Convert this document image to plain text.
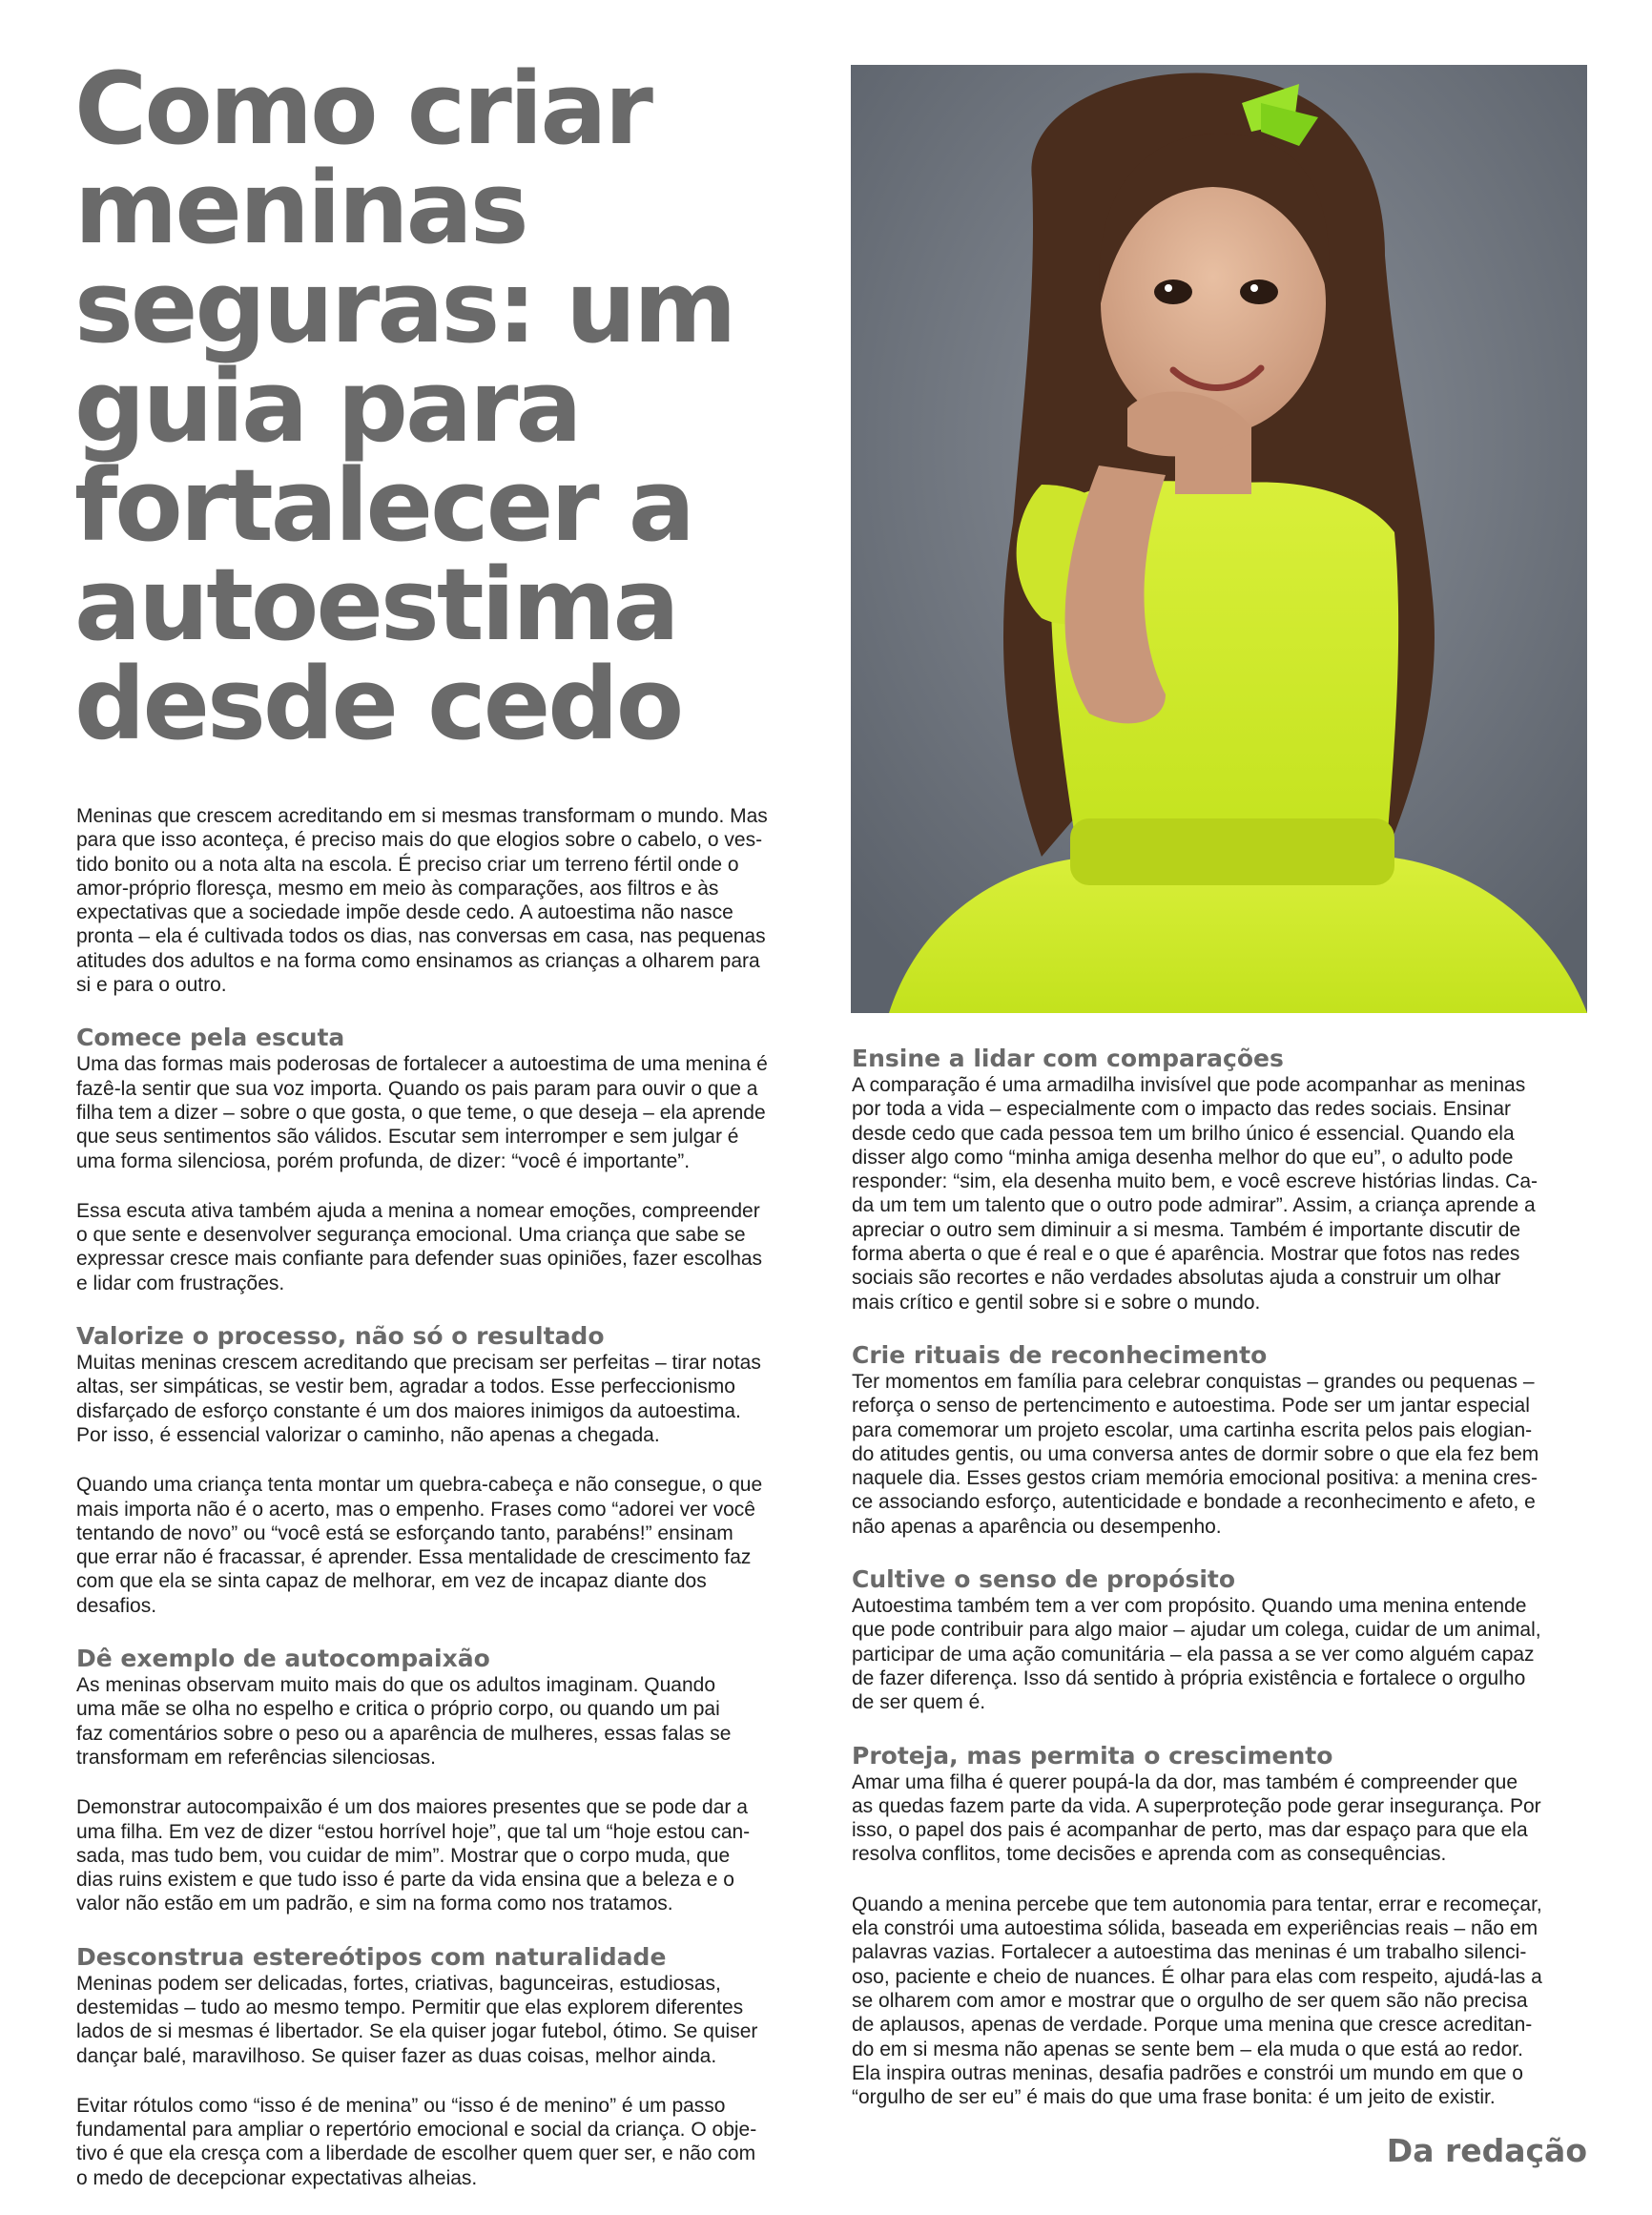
Como criar
meninas
seguras: um
guia para
fortalecer a
autoestima
desde cedo

Meninas que crescem acreditando em si mesmas transformam o mundo. Mas
para que isso aconteça, é preciso mais do que elogios sobre o cabelo, o ves-
tido bonito ou a nota alta na escola. É preciso criar um terreno fértil onde o
amor-próprio floresça, mesmo em meio às comparações, aos filtros e às
expectativas que a sociedade impõe desde cedo. A autoestima não nasce
pronta – ela é cultivada todos os dias, nas conversas em casa, nas pequenas
atitudes dos adultos e na forma como ensinamos as crianças a olharem para
si e para o outro.

Comece pela escuta

Uma das formas mais poderosas de fortalecer a autoestima de uma menina é
fazê-la sentir que sua voz importa. Quando os pais param para ouvir o que a
filha tem a dizer – sobre o que gosta, o que teme, o que deseja – ela aprende
que seus sentimentos são válidos. Escutar sem interromper e sem julgar é
uma forma silenciosa, porém profunda, de dizer: “você é importante”.

Essa escuta ativa também ajuda a menina a nomear emoções, compreender
o que sente e desenvolver segurança emocional. Uma criança que sabe se
expressar cresce mais confiante para defender suas opiniões, fazer escolhas
e lidar com frustrações.

Valorize o processo, não só o resultado

Muitas meninas crescem acreditando que precisam ser perfeitas – tirar notas
altas, ser simpáticas, se vestir bem, agradar a todos. Esse perfeccionismo
disfarçado de esforço constante é um dos maiores inimigos da autoestima.
Por isso, é essencial valorizar o caminho, não apenas a chegada.

Quando uma criança tenta montar um quebra-cabeça e não consegue, o que
mais importa não é o acerto, mas o empenho. Frases como “adorei ver você
tentando de novo” ou “você está se esforçando tanto, parabéns!” ensinam
que errar não é fracassar, é aprender. Essa mentalidade de crescimento faz
com que ela se sinta capaz de melhorar, em vez de incapaz diante dos
desafios.

Dê exemplo de autocompaixão

As meninas observam muito mais do que os adultos imaginam. Quando
uma mãe se olha no espelho e critica o próprio corpo, ou quando um pai
faz comentários sobre o peso ou a aparência de mulheres, essas falas se
transformam em referências silenciosas.

Demonstrar autocompaixão é um dos maiores presentes que se pode dar a
uma filha. Em vez de dizer “estou horrível hoje”, que tal um “hoje estou can-
sada, mas tudo bem, vou cuidar de mim”. Mostrar que o corpo muda, que
dias ruins existem e que tudo isso é parte da vida ensina que a beleza e o
valor não estão em um padrão, e sim na forma como nos tratamos.

Desconstrua estereótipos com naturalidade

Meninas podem ser delicadas, fortes, criativas, bagunceiras, estudiosas,
destemidas – tudo ao mesmo tempo. Permitir que elas explorem diferentes
lados de si mesmas é libertador. Se ela quiser jogar futebol, ótimo. Se quiser
dançar balé, maravilhoso. Se quiser fazer as duas coisas, melhor ainda.

Evitar rótulos como “isso é de menina” ou “isso é de menino” é um passo
fundamental para ampliar o repertório emocional e social da criança. O obje-
tivo é que ela cresça com a liberdade de escolher quem quer ser, e não com
o medo de decepcionar expectativas alheias.

Ensine a lidar com comparações

A comparação é uma armadilha invisível que pode acompanhar as meninas
por toda a vida – especialmente com o impacto das redes sociais. Ensinar
desde cedo que cada pessoa tem um brilho único é essencial. Quando ela
disser algo como “minha amiga desenha melhor do que eu”, o adulto pode
responder: “sim, ela desenha muito bem, e você escreve histórias lindas. Ca-
da um tem um talento que o outro pode admirar”. Assim, a criança aprende a
apreciar o outro sem diminuir a si mesma. Também é importante discutir de
forma aberta o que é real e o que é aparência. Mostrar que fotos nas redes
sociais são recortes e não verdades absolutas ajuda a construir um olhar
mais crítico e gentil sobre si e sobre o mundo.

Crie rituais de reconhecimento

Ter momentos em família para celebrar conquistas – grandes ou pequenas –
reforça o senso de pertencimento e autoestima. Pode ser um jantar especial
para comemorar um projeto escolar, uma cartinha escrita pelos pais elogian-
do atitudes gentis, ou uma conversa antes de dormir sobre o que ela fez bem
naquele dia. Esses gestos criam memória emocional positiva: a menina cres-
ce associando esforço, autenticidade e bondade a reconhecimento e afeto, e
não apenas a aparência ou desempenho.

Cultive o senso de propósito

Autoestima também tem a ver com propósito. Quando uma menina entende
que pode contribuir para algo maior – ajudar um colega, cuidar de um animal,
participar de uma ação comunitária – ela passa a se ver como alguém capaz
de fazer diferença. Isso dá sentido à própria existência e fortalece o orgulho
de ser quem é.

Proteja, mas permita o crescimento

Amar uma filha é querer poupá-la da dor, mas também é compreender que
as quedas fazem parte da vida. A superproteção pode gerar insegurança. Por
isso, o papel dos pais é acompanhar de perto, mas dar espaço para que ela
resolva conflitos, tome decisões e aprenda com as consequências.

Quando a menina percebe que tem autonomia para tentar, errar e recomeçar,
ela constrói uma autoestima sólida, baseada em experiências reais – não em
palavras vazias. Fortalecer a autoestima das meninas é um trabalho silenci-
oso, paciente e cheio de nuances. É olhar para elas com respeito, ajudá-las a
se olharem com amor e mostrar que o orgulho de ser quem são não precisa
de aplausos, apenas de verdade. Porque uma menina que cresce acreditan-
do em si mesma não apenas se sente bem – ela muda o que está ao redor.
Ela inspira outras meninas, desafia padrões e constrói um mundo em que o
“orgulho de ser eu” é mais do que uma frase bonita: é um jeito de existir.

Da redação
